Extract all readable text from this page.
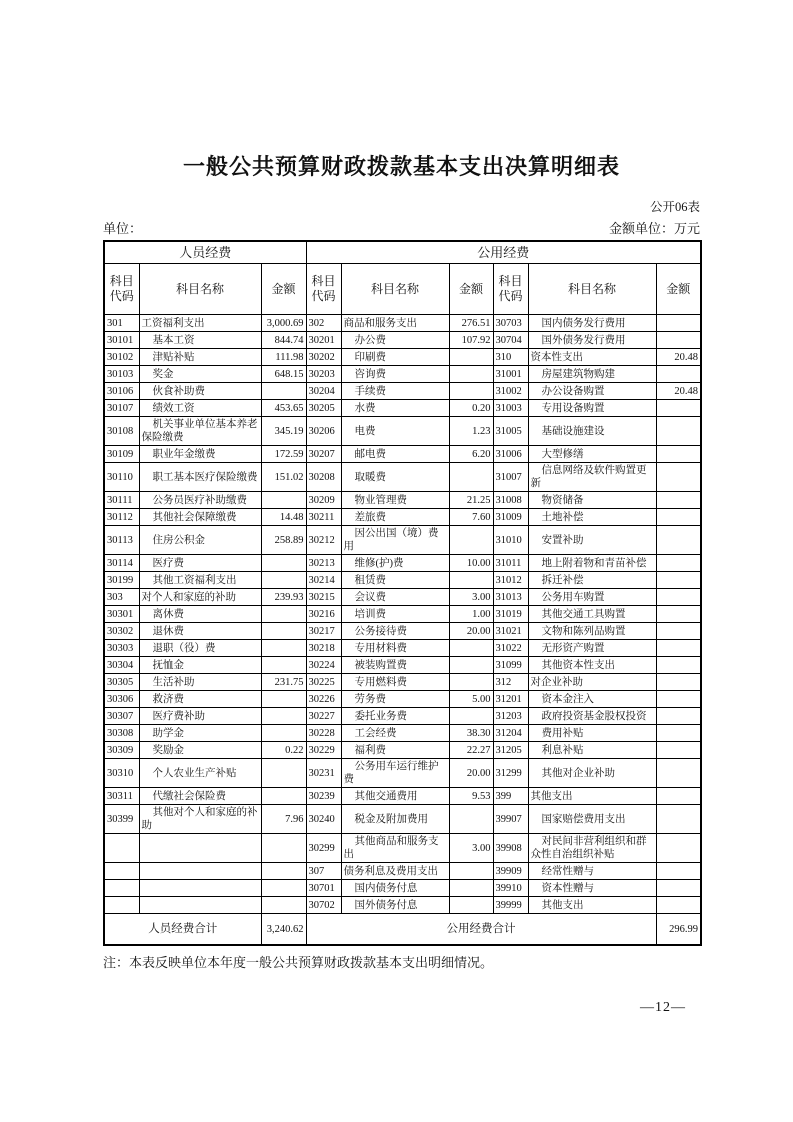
一般公共预算财政拨款基本支出决算明细表
公开06表
单位：	金额单位：万元
人员经费			公用经费					
科目代码	科目名称	金额	科目代码	科目名称	金额	科目代码	科目名称	金额
301	工资福利支出	3,000.69	302	商品和服务支出	276.51	30703	国内债务发行费用	
30101	基本工资	844.74	30201	办公费	107.92	30704	国外债务发行费用	
30102	津贴补贴	111.98	30202	印刷费		310	资本性支出	20.48
30103	奖金	648.15	30203	咨询费		31001	房屋建筑物购建	
30106	伙食补助费		30204	手续费		31002	办公设备购置	20.48
30107	绩效工资	453.65	30205	水费	0.20	31003	专用设备购置	
30108	机关事业单位基本养老保险缴费	345.19	30206	电费	1.23	31005	基础设施建设	
30109	职业年金缴费	172.59	30207	邮电费	6.20	31006	大型修缮	
30110	职工基本医疗保险缴费	151.02	30208	取暖费		31007	信息网络及软件购置更新	
30111	公务员医疗补助缴费		30209	物业管理费	21.25	31008	物资储备	
30112	其他社会保障缴费	14.48	30211	差旅费	7.60	31009	土地补偿	
30113	住房公积金	258.89	30212	因公出国（境）费用		31010	安置补助	
30114	医疗费		30213	维修(护)费	10.00	31011	地上附着物和青苗补偿	
30199	其他工资福利支出		30214	租赁费		31012	拆迁补偿	
303	对个人和家庭的补助	239.93	30215	会议费	3.00	31013	公务用车购置	
30301	离休费		30216	培训费	1.00	31019	其他交通工具购置	
30302	退休费		30217	公务接待费	20.00	31021	文物和陈列品购置	
30303	退职（役）费		30218	专用材料费		31022	无形资产购置	
30304	抚恤金		30224	被装购置费		31099	其他资本性支出	
30305	生活补助	231.75	30225	专用燃料费		312	对企业补助	
30306	救济费		30226	劳务费	5.00	31201	资本金注入	
30307	医疗费补助		30227	委托业务费		31203	政府投资基金股权投资	
30308	助学金		30228	工会经费	38.30	31204	费用补贴	
30309	奖励金	0.22	30229	福利费	22.27	31205	利息补贴	
30310	个人农业生产补贴		30231	公务用车运行维护费	20.00	31299	其他对企业补助	
30311	代缴社会保险费		30239	其他交通费用	9.53	399	其他支出	
30399	其他对个人和家庭的补助	7.96	30240	税金及附加费用		39907	国家赔偿费用支出	
			30299	其他商品和服务支出	3.00	39908	对民间非营利组织和群众性自治组织补贴	
			307	债务利息及费用支出		39909	经常性赠与	
			30701	国内债务付息		39910	资本性赠与	
			30702	国外债务付息		39999	其他支出	
人员经费合计		3,240.62	公用经费合计					296.99
注：本表反映单位本年度一般公共预算财政拨款基本支出明细情况。
—12—
